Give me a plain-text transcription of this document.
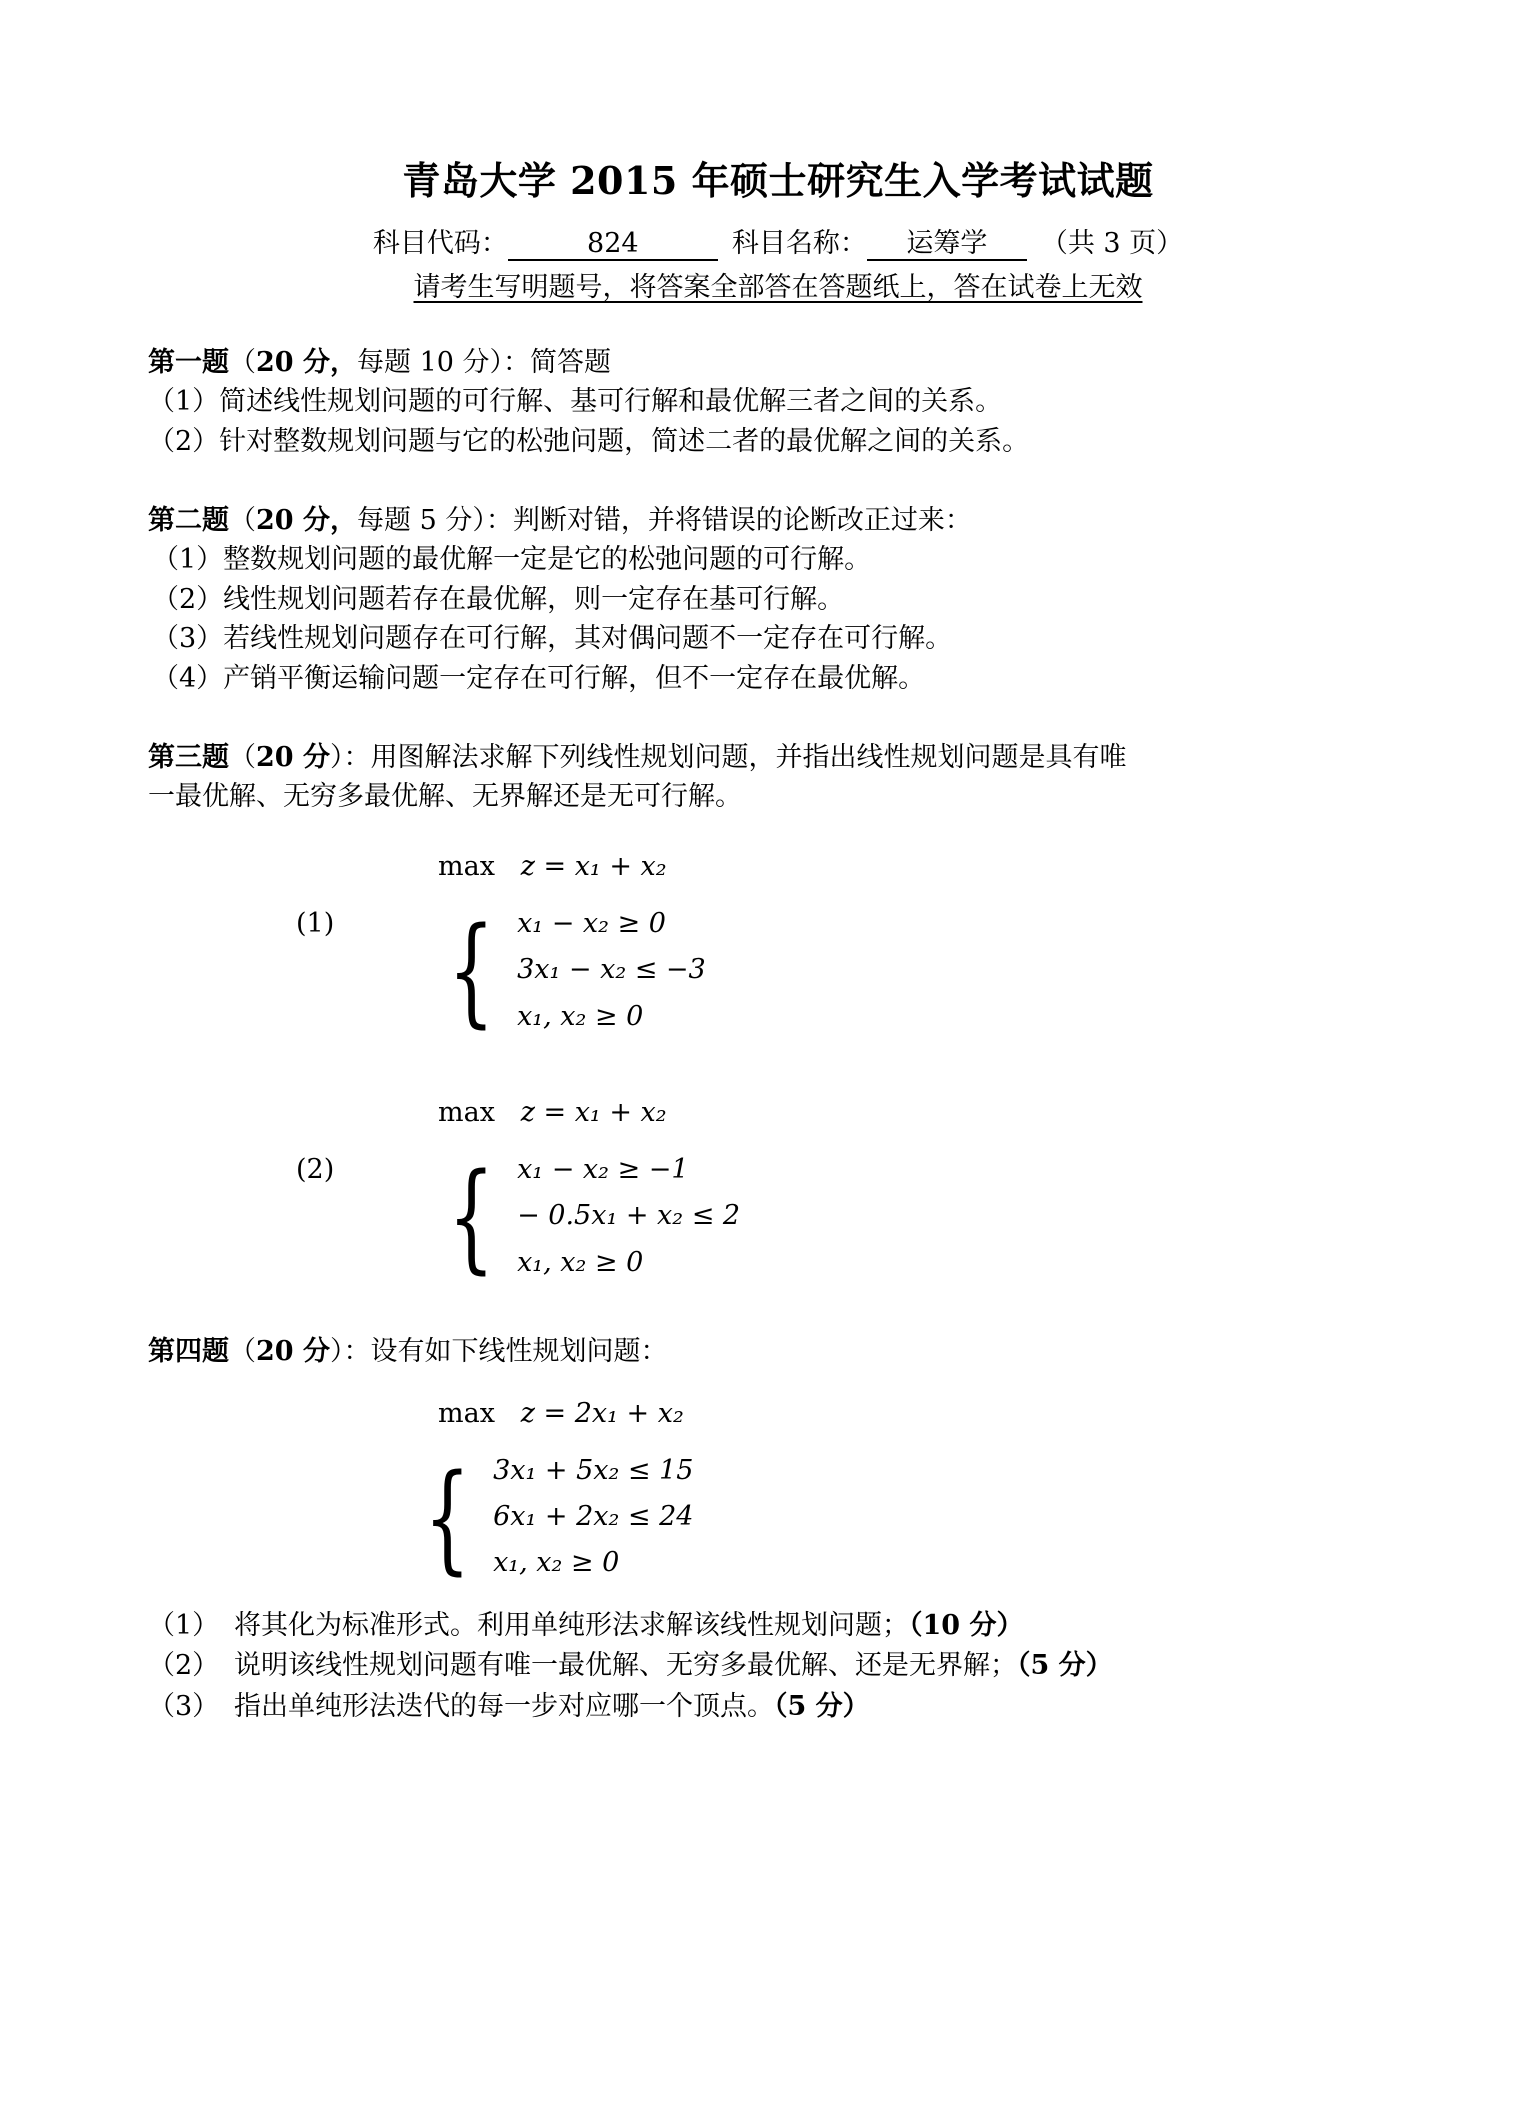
青岛大学 2015 年硕士研究生入学考试试题
科目代码：	824	科目名称： 运筹学 （共 3 页）
请考生写明题号，将答案全部答在答题纸上，答在试卷上无效

第一题（20 分，每题 10 分）：简答题

（1）简述线性规划问题的可行解、基可行解和最优解三者之间的关系。

（2）针对整数规划问题与它的松弛问题，简述二者的最优解之间的关系。

第二题（20 分，每题 5 分）：判断对错，并将错误的论断改正过来：

（1）整数规划问题的最优解一定是它的松弛问题的可行解。

（2）线性规划问题若存在最优解，则一定存在基可行解。

（3）若线性规划问题存在可行解，其对偶问题不一定存在可行解。

（4）产销平衡运输问题一定存在可行解，但不一定存在最优解。

第三题（20 分）：用图解法求解下列线性规划问题，并指出线性规划问题是具有唯

一最优解、无穷多最优解、无界解还是无可行解。

max z = x₁ + x₂

(1) { x₁ − x₂ ≥ 0
3x₁ − x₂ ≤ −3
x₁, x₂ ≥ 0

max z = x₁ + x₂

(2) { x₁ − x₂ ≥ −1
− 0.5x₁ + x₂ ≤ 2
x₁, x₂ ≥ 0

第四题（20 分）：设有如下线性规划问题：

max z = 2x₁ + x₂

{ 3x₁ + 5x₂ ≤ 15
6x₁ + 2x₂ ≤ 24
x₁, x₂ ≥ 0
（1） 将其化为标准形式。利用单纯形法求解该线性规划问题；（10 分）
（2） 说明该线性规划问题有唯一最优解、无穷多最优解、还是无界解；（5 分）
（3） 指出单纯形法迭代的每一步对应哪一个顶点。（5 分）
